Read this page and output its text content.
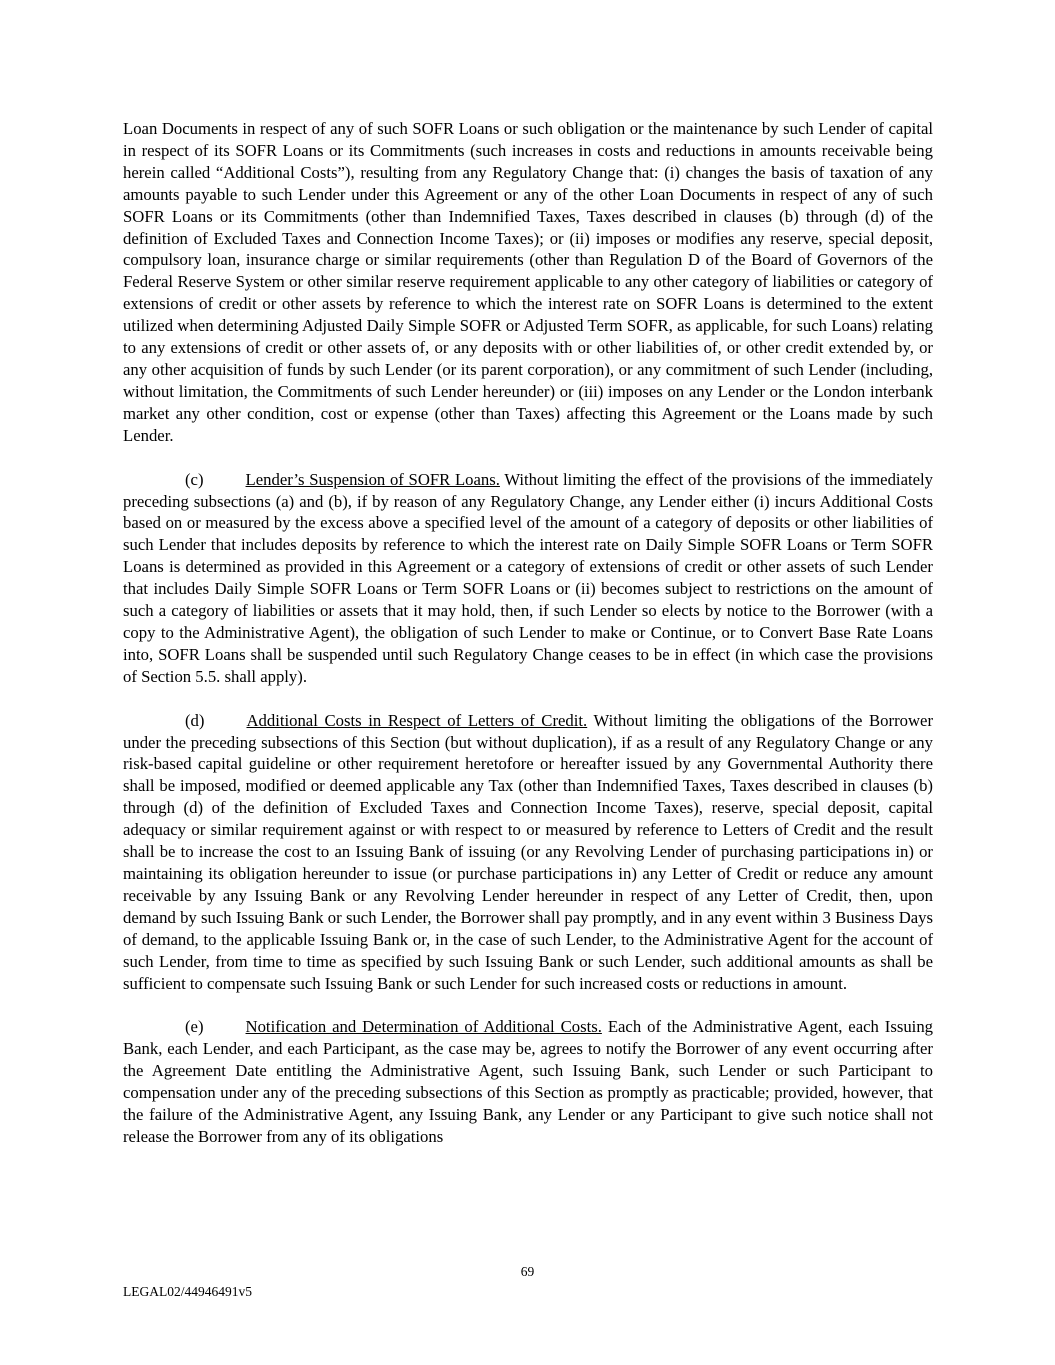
Loan Documents in respect of any of such SOFR Loans or such obligation or the maintenance by such Lender of capital in respect of its SOFR Loans or its Commitments (such increases in costs and reductions in amounts receivable being herein called “Additional Costs”), resulting from any Regulatory Change that: (i) changes the basis of taxation of any amounts payable to such Lender under this Agreement or any of the other Loan Documents in respect of any of such SOFR Loans or its Commitments (other than Indemnified Taxes, Taxes described in clauses (b) through (d) of the definition of Excluded Taxes and Connection Income Taxes); or (ii) imposes or modifies any reserve, special deposit, compulsory loan, insurance charge or similar requirements (other than Regulation D of the Board of Governors of the Federal Reserve System or other similar reserve requirement applicable to any other category of liabilities or category of extensions of credit or other assets by reference to which the interest rate on SOFR Loans is determined to the extent utilized when determining Adjusted Daily Simple SOFR or Adjusted Term SOFR, as applicable, for such Loans) relating to any extensions of credit or other assets of, or any deposits with or other liabilities of, or other credit extended by, or any other acquisition of funds by such Lender (or its parent corporation), or any commitment of such Lender (including, without limitation, the Commitments of such Lender hereunder) or (iii) imposes on any Lender or the London interbank market any other condition, cost or expense (other than Taxes) affecting this Agreement or the Loans made by such Lender.

(c)	Lender’s Suspension of SOFR Loans. Without limiting the effect of the provisions of the immediately preceding subsections (a) and (b), if by reason of any Regulatory Change, any Lender either (i) incurs Additional Costs based on or measured by the excess above a specified level of the amount of a category of deposits or other liabilities of such Lender that includes deposits by reference to which the interest rate on Daily Simple SOFR Loans or Term SOFR Loans is determined as provided in this Agreement or a category of extensions of credit or other assets of such Lender that includes Daily Simple SOFR Loans or Term SOFR Loans or (ii) becomes subject to restrictions on the amount of such a category of liabilities or assets that it may hold, then, if such Lender so elects by notice to the Borrower (with a copy to the Administrative Agent), the obligation of such Lender to make or Continue, or to Convert Base Rate Loans into, SOFR Loans shall be suspended until such Regulatory Change ceases to be in effect (in which case the provisions of Section 5.5. shall apply).

(d)	Additional Costs in Respect of Letters of Credit. Without limiting the obligations of the Borrower under the preceding subsections of this Section (but without duplication), if as a result of any Regulatory Change or any risk-based capital guideline or other requirement heretofore or hereafter issued by any Governmental Authority there shall be imposed, modified or deemed applicable any Tax (other than Indemnified Taxes, Taxes described in clauses (b) through (d) of the definition of Excluded Taxes and Connection Income Taxes), reserve, special deposit, capital adequacy or similar requirement against or with respect to or measured by reference to Letters of Credit and the result shall be to increase the cost to an Issuing Bank of issuing (or any Revolving Lender of purchasing participations in) or maintaining its obligation hereunder to issue (or purchase participations in) any Letter of Credit or reduce any amount receivable by any Issuing Bank or any Revolving Lender hereunder in respect of any Letter of Credit, then, upon demand by such Issuing Bank or such Lender, the Borrower shall pay promptly, and in any event within 3 Business Days of demand, to the applicable Issuing Bank or, in the case of such Lender, to the Administrative Agent for the account of such Lender, from time to time as specified by such Issuing Bank or such Lender, such additional amounts as shall be sufficient to compensate such Issuing Bank or such Lender for such increased costs or reductions in amount.

(e)	Notification and Determination of Additional Costs. Each of the Administrative Agent, each Issuing Bank, each Lender, and each Participant, as the case may be, agrees to notify the Borrower of any event occurring after the Agreement Date entitling the Administrative Agent, such Issuing Bank, such Lender or such Participant to compensation under any of the preceding subsections of this Section as promptly as practicable; provided, however, that the failure of the Administrative Agent, any Issuing Bank, any Lender or any Participant to give such notice shall not release the Borrower from any of its obligations

69
LEGAL02/44946491v5
